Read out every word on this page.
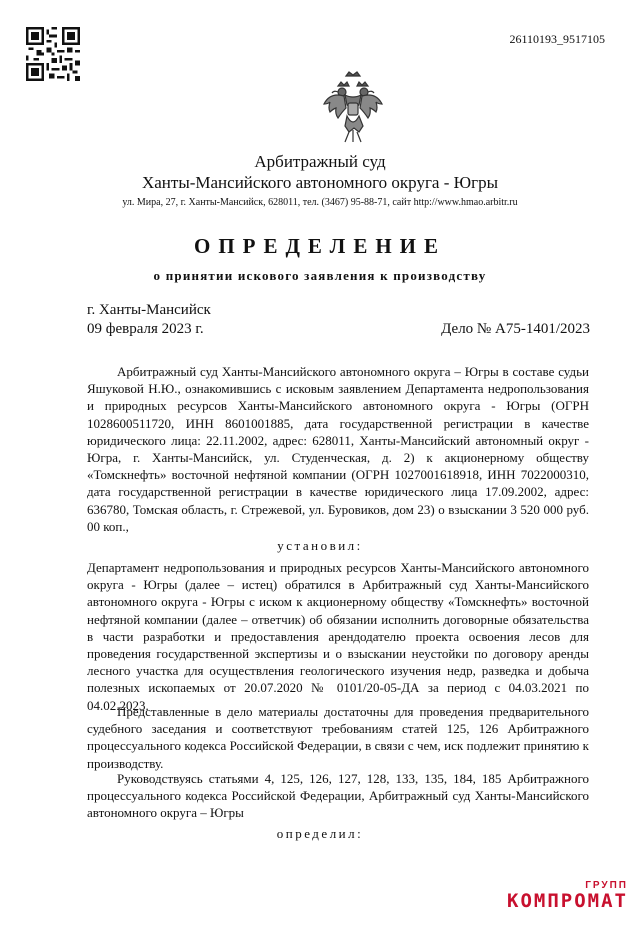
26110193_9517105
Арбитражный суд
Ханты-Мансийского автономного округа - Югры
ул. Мира, 27, г. Ханты-Мансийск, 628011, тел. (3467) 95-88-71, сайт http://www.hmao.arbitr.ru
ОПРЕДЕЛЕНИЕ
о принятии искового заявления к производству
г. Ханты-Мансийск
09 февраля 2023 г.	Дело № А75-1401/2023
Арбитражный суд Ханты-Мансийского автономного округа – Югры в составе судьи Яшуковой Н.Ю., ознакомившись с исковым заявлением Департамента недропользования и природных ресурсов Ханты-Мансийского автономного округа - Югры (ОГРН 1028600511720, ИНН 8601001885, дата государственной регистрации в качестве юридического лица: 22.11.2002, адрес: 628011, Ханты-Мансийский автономный округ - Югра, г. Ханты-Мансийск, ул. Студенческая, д. 2) к акционерному обществу «Томскнефть» восточной нефтяной компании (ОГРН 1027001618918, ИНН 7022000310, дата государственной регистрации в качестве юридического лица 17.09.2002, адрес: 636780, Томская область, г. Стрежевой, ул. Буровиков, дом 23) о взыскании 3 520 000 руб. 00 коп.,
установил:
Департамент недропользования и природных ресурсов Ханты-Мансийского автономного округа - Югры (далее – истец) обратился в Арбитражный суд Ханты-Мансийского автономного округа - Югры с иском к акционерному обществу «Томскнефть» восточной нефтяной компании (далее – ответчик) об обязании исполнить договорные обязательства в части разработки и предоставления арендодателю проекта освоения лесов для проведения государственной экспертизы и о взыскании неустойки по договору аренды лесного участка для осуществления геологического изучения недр, разведка и добыча полезных ископаемых от 20.07.2020 № 0101/20-05-ДА за период с 04.03.2021 по 04.02.2023.
Представленные в дело материалы достаточны для проведения предварительного судебного заседания и соответствуют требованиям статей 125, 126 Арбитражного процессуального кодекса Российской Федерации, в связи с чем, иск подлежит принятию к производству.
Руководствуясь статьями 4, 125, 126, 127, 128, 133, 135, 184, 185 Арбитражного процессуального кодекса Российской Федерации, Арбитражный суд Ханты-Мансийского автономного округа – Югры
определил:
ГРУПП
КОМПРОМАТ
